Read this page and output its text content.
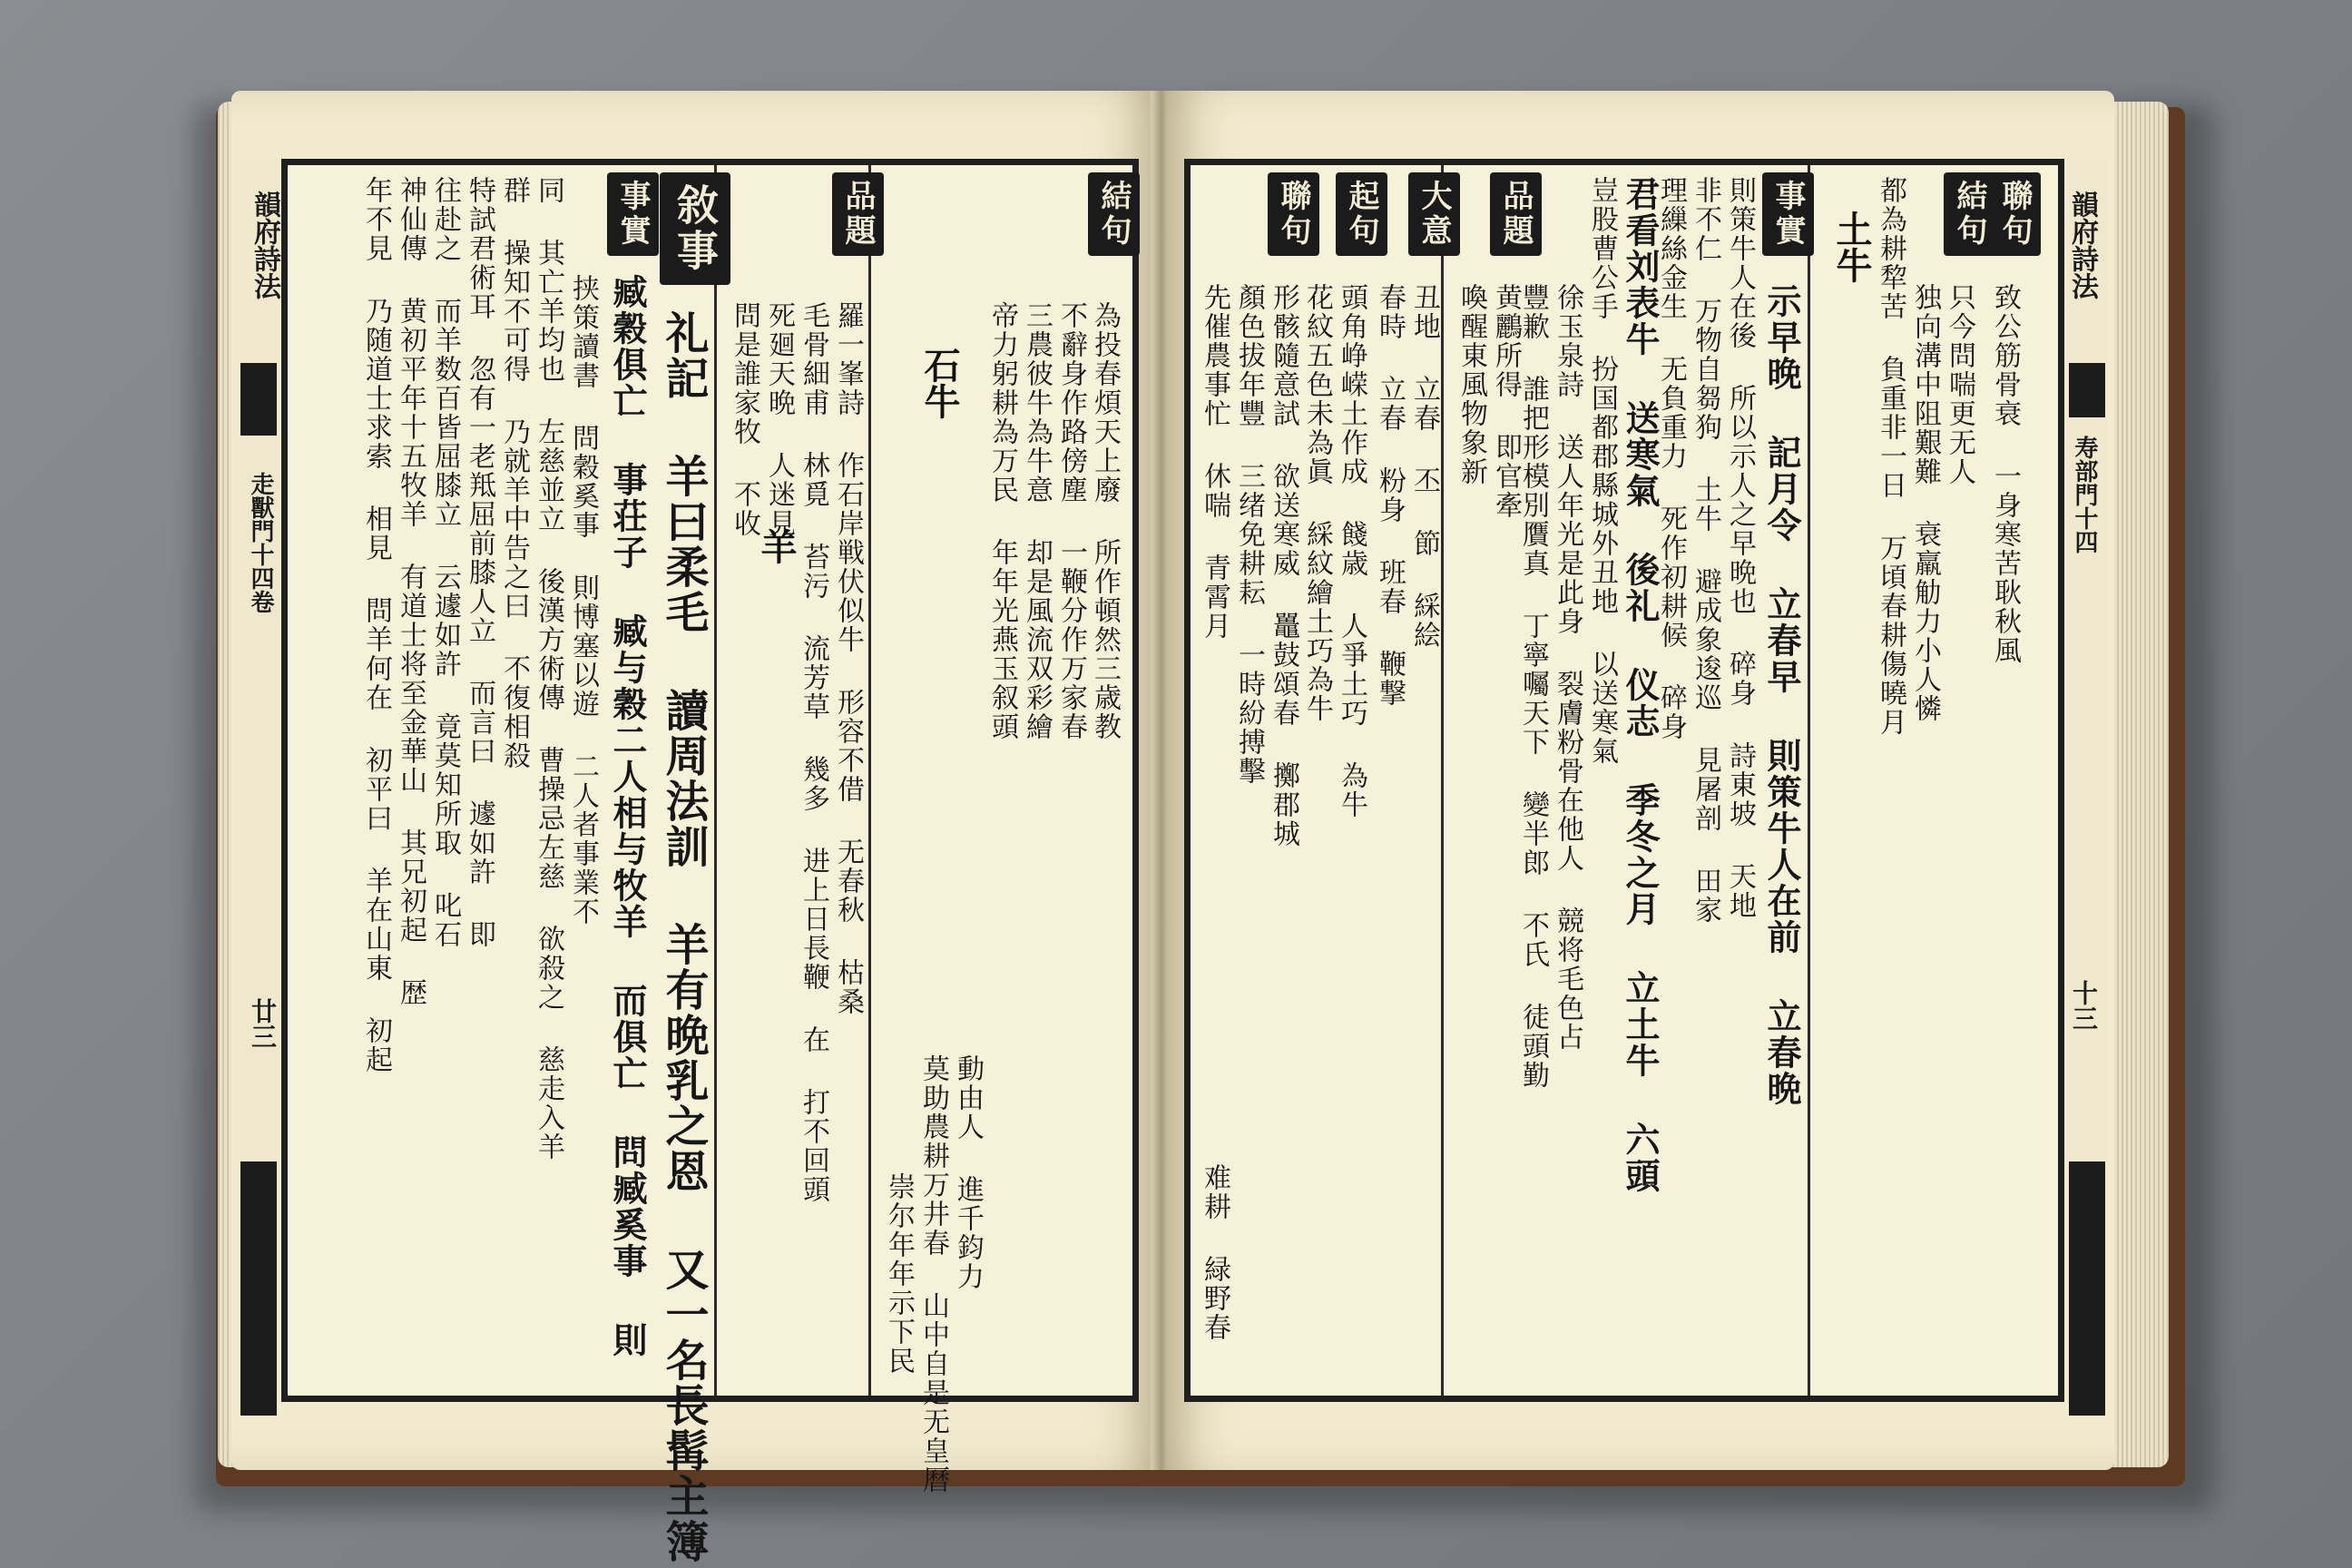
韻府詩法
走獸門十四卷
廿三
結句
為投春煩天上廢 所作頓然三歳教
不辭身作路傍塵 一鞭分作万家春
三農彼牛為牛意 却是風流双彩繪
帝力躬耕為万民 年年光燕玉叙頭
動由人 進千鈞力
莫助農耕万井春 山中自是无皇曆
崇尔年年示下民
石牛
品題
羅一峯詩 作石岸戦伏似牛 形容不借 无春秋 枯桑
毛骨細甫 林覓 苔污 流芳草 幾多 进上日長鞭 在 打不回頭
死廻天晩 人迷見
問是誰家牧 不收
羊
敘事
礼記 羊曰柔毛 讀周法訓 羊有晩乳之恩 又一名長髯主簿
事實
臧穀俱亡 事荘子 臧与穀二人相与牧羊 而俱亡 問臧奚事 則
挟策讀書 問穀奚事 則博塞以遊 二人者事業不
同 其亡羊均也 左慈並立 後漢方術傳 曹操忌左慈 欲殺之 慈走入羊
群 操知不可得 乃就羊中告之曰 不復相殺
特試君術耳 忽有一老羝屈前膝人立 而言曰 遽如許 即
往赴之 而羊数百皆屈膝立 云遽如許 竟莫知所取 叱石
神仙傳 黄初平年十五牧羊 有道士将至金華山 其兄初起 歴
年不見 乃随道士求索 相見 問羊何在 初平曰 羊在山東 初起	韻府詩法
寿部門十四
十三
結句
只今問喘更无人
独向溝中阻艱難 衰羸觔力小人憐
聯句
致公筋骨衰 一身寒苦耿秋風
都為耕犂苦 負重非一日 万頃春耕傷曉月
土牛
事實
示早晚 記月令 立春早 則策牛人在前 立春晩
則策牛人在後 所以示人之早晩也 碎身 詩東坡 天地
非不仁 万物自芻狗 土牛 避成象逡巡 見屠剖 田家
理繅絲金生 无負重力 死作初耕候 碎身
君看刘表牛 送寒氣 後礼 仪志 季冬之月 立土牛 六頭
豈股曹公手 扮国都郡縣城外丑地 以送寒氣
徐玉泉詩 送人年光是此身 裂膚粉骨在他人 競将毛色占
豐歉 誰把形模別贋真 丁寧囑天下 變半郎 不氏 徒頭勤
品題
黄鸝所得 即官牽
喚醒東風物象新
大意
丑地 立春 丕 節 綵絵
春時 立春 粉身 班春 鞭撃
起句
頭角峥嵘土作成 餞歳 人爭土巧 為牛
花紋五色未為眞 綵紋繪土巧為牛
聯句
形骸隨意試 欲送寒威 鼉鼓頌春 擲郡城
顏色拔年豐 三绪免耕耘 一時紛搏擊
先催農事忙 休喘 青霄月
难耕 緑野春
